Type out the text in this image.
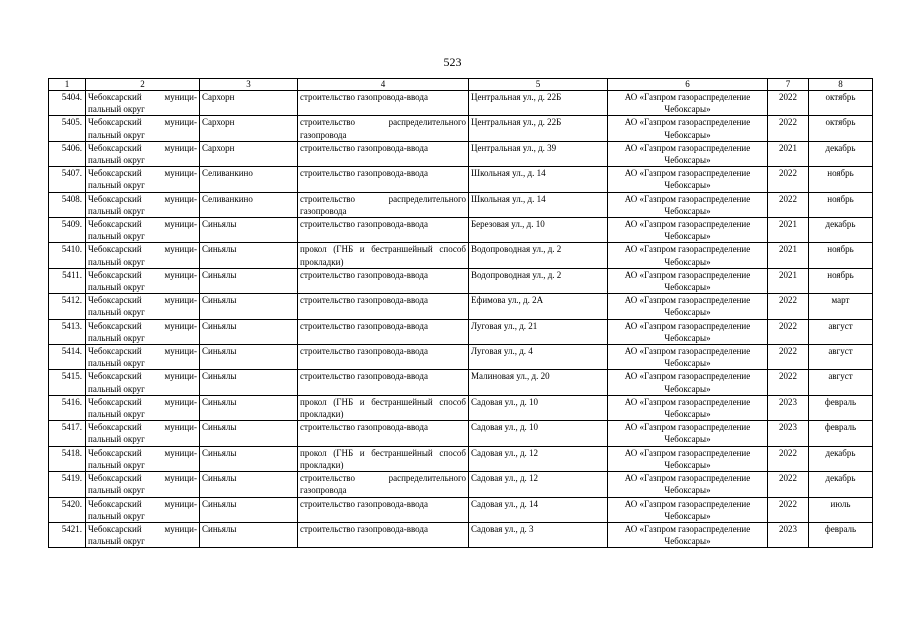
523
1	2	3	4	5	6	7	8
5404.	Чебоксарский муници-пальный округ	Сархорн	строительство газопровода-ввода	Центральная ул., д. 22Б	АО «Газпром газораспределение Чебоксары»	2022	октябрь
5405.	Чебоксарский муници-пальный округ	Сархорн	строительство распределительного газопровода	Центральная ул., д. 22Б	АО «Газпром газораспределение Чебоксары»	2022	октябрь
5406.	Чебоксарский муници-пальный округ	Сархорн	строительство газопровода-ввода	Центральная ул., д. 39	АО «Газпром газораспределение Чебоксары»	2021	декабрь
5407.	Чебоксарский муници-пальный округ	Селиванкино	строительство газопровода-ввода	Школьная ул., д. 14	АО «Газпром газораспределение Чебоксары»	2022	ноябрь
5408.	Чебоксарский муници-пальный округ	Селиванкино	строительство распределительного газопровода	Школьная ул., д. 14	АО «Газпром газораспределение Чебоксары»	2022	ноябрь
5409.	Чебоксарский муници-пальный округ	Синьялы	строительство газопровода-ввода	Березовая ул., д. 10	АО «Газпром газораспределение Чебоксары»	2021	декабрь
5410.	Чебоксарский муници-пальный округ	Синьялы	прокол (ГНБ и бестраншейный способ прокладки)	Водопроводная ул., д. 2	АО «Газпром газораспределение Чебоксары»	2021	ноябрь
5411.	Чебоксарский муници-пальный округ	Синьялы	строительство газопровода-ввода	Водопроводная ул., д. 2	АО «Газпром газораспределение Чебоксары»	2021	ноябрь
5412.	Чебоксарский муници-пальный округ	Синьялы	строительство газопровода-ввода	Ефимова ул., д. 2А	АО «Газпром газораспределение Чебоксары»	2022	март
5413.	Чебоксарский муници-пальный округ	Синьялы	строительство газопровода-ввода	Луговая ул., д. 21	АО «Газпром газораспределение Чебоксары»	2022	август
5414.	Чебоксарский муници-пальный округ	Синьялы	строительство газопровода-ввода	Луговая ул., д. 4	АО «Газпром газораспределение Чебоксары»	2022	август
5415.	Чебоксарский муници-пальный округ	Синьялы	строительство газопровода-ввода	Малиновая ул., д. 20	АО «Газпром газораспределение Чебоксары»	2022	август
5416.	Чебоксарский муници-пальный округ	Синьялы	прокол (ГНБ и бестраншейный способ прокладки)	Садовая ул., д. 10	АО «Газпром газораспределение Чебоксары»	2023	февраль
5417.	Чебоксарский муници-пальный округ	Синьялы	строительство газопровода-ввода	Садовая ул., д. 10	АО «Газпром газораспределение Чебоксары»	2023	февраль
5418.	Чебоксарский муници-пальный округ	Синьялы	прокол (ГНБ и бестраншейный способ прокладки)	Садовая ул., д. 12	АО «Газпром газораспределение Чебоксары»	2022	декабрь
5419.	Чебоксарский муници-пальный округ	Синьялы	строительство распределительного газопровода	Садовая ул., д. 12	АО «Газпром газораспределение Чебоксары»	2022	декабрь
5420.	Чебоксарский муници-пальный округ	Синьялы	строительство газопровода-ввода	Садовая ул., д. 14	АО «Газпром газораспределение Чебоксары»	2022	июль
5421.	Чебоксарский муници-пальный округ	Синьялы	строительство газопровода-ввода	Садовая ул., д. 3	АО «Газпром газораспределение Чебоксары»	2023	февраль
